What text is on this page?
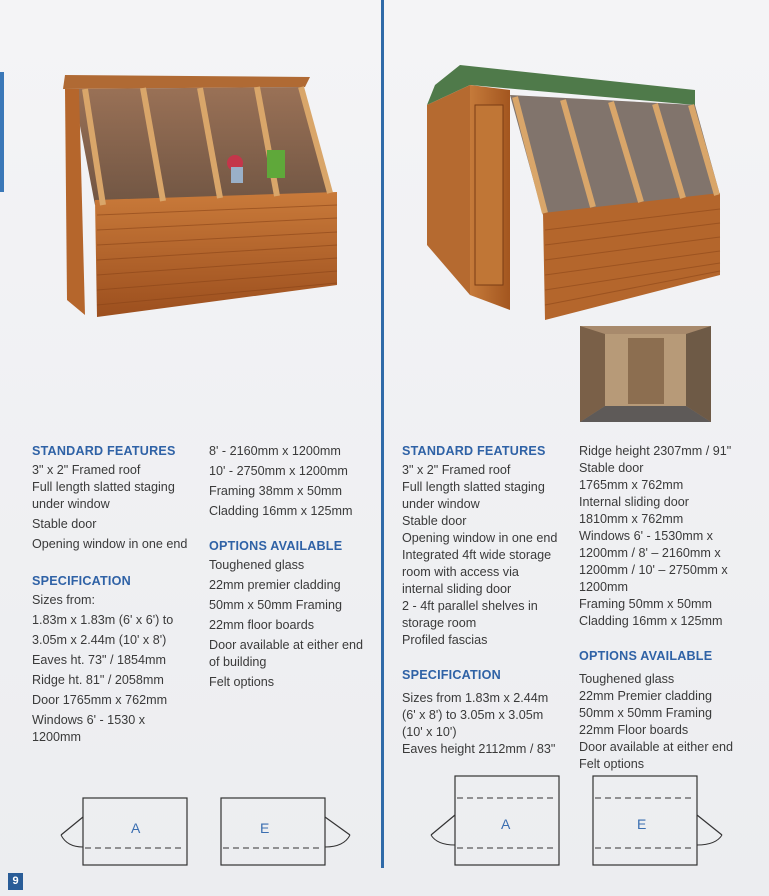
STANDARD FEATURES

3" x 2" Framed roof

Full length slatted staging

under window

Stable door

Opening window in one end

SPECIFICATION

Sizes from:

1.83m x 1.83m (6' x 6') to

3.05m x 2.44m (10' x 8')

Eaves ht. 73" / 1854mm

Ridge ht. 81" / 2058mm

Door 1765mm x 762mm

Windows 6' - 1530 x

1200mm

8' - 2160mm x 1200mm

10' - 2750mm x 1200mm

Framing 38mm x 50mm

Cladding 16mm x 125mm

OPTIONS AVAILABLE

Toughened glass

22mm premier cladding

50mm x 50mm Framing

22mm floor boards

Door available at either end

of building

Felt options

STANDARD FEATURES

3" x 2" Framed roof

Full length slatted staging

under window

Stable door

Opening window in one end

Integrated 4ft wide storage

room with access via

internal sliding door

2 - 4ft parallel shelves in

storage room

Profiled fascias

SPECIFICATION

Sizes from 1.83m x 2.44m

(6' x 8') to 3.05m x 3.05m

(10' x 10')

Eaves height 2112mm / 83"

Ridge height 2307mm / 91"

Stable door

1765mm x 762mm

Internal sliding door

1810mm x 762mm

Windows 6' - 1530mm x

1200mm / 8' – 2160mm x

1200mm / 10' – 2750mm x

1200mm

Framing 50mm x 50mm

Cladding 16mm x 125mm

OPTIONS AVAILABLE

Toughened glass

22mm Premier cladding

50mm x 50mm Framing

22mm Floor boards

Door available at either end

Felt options

A	E	A	E
9
